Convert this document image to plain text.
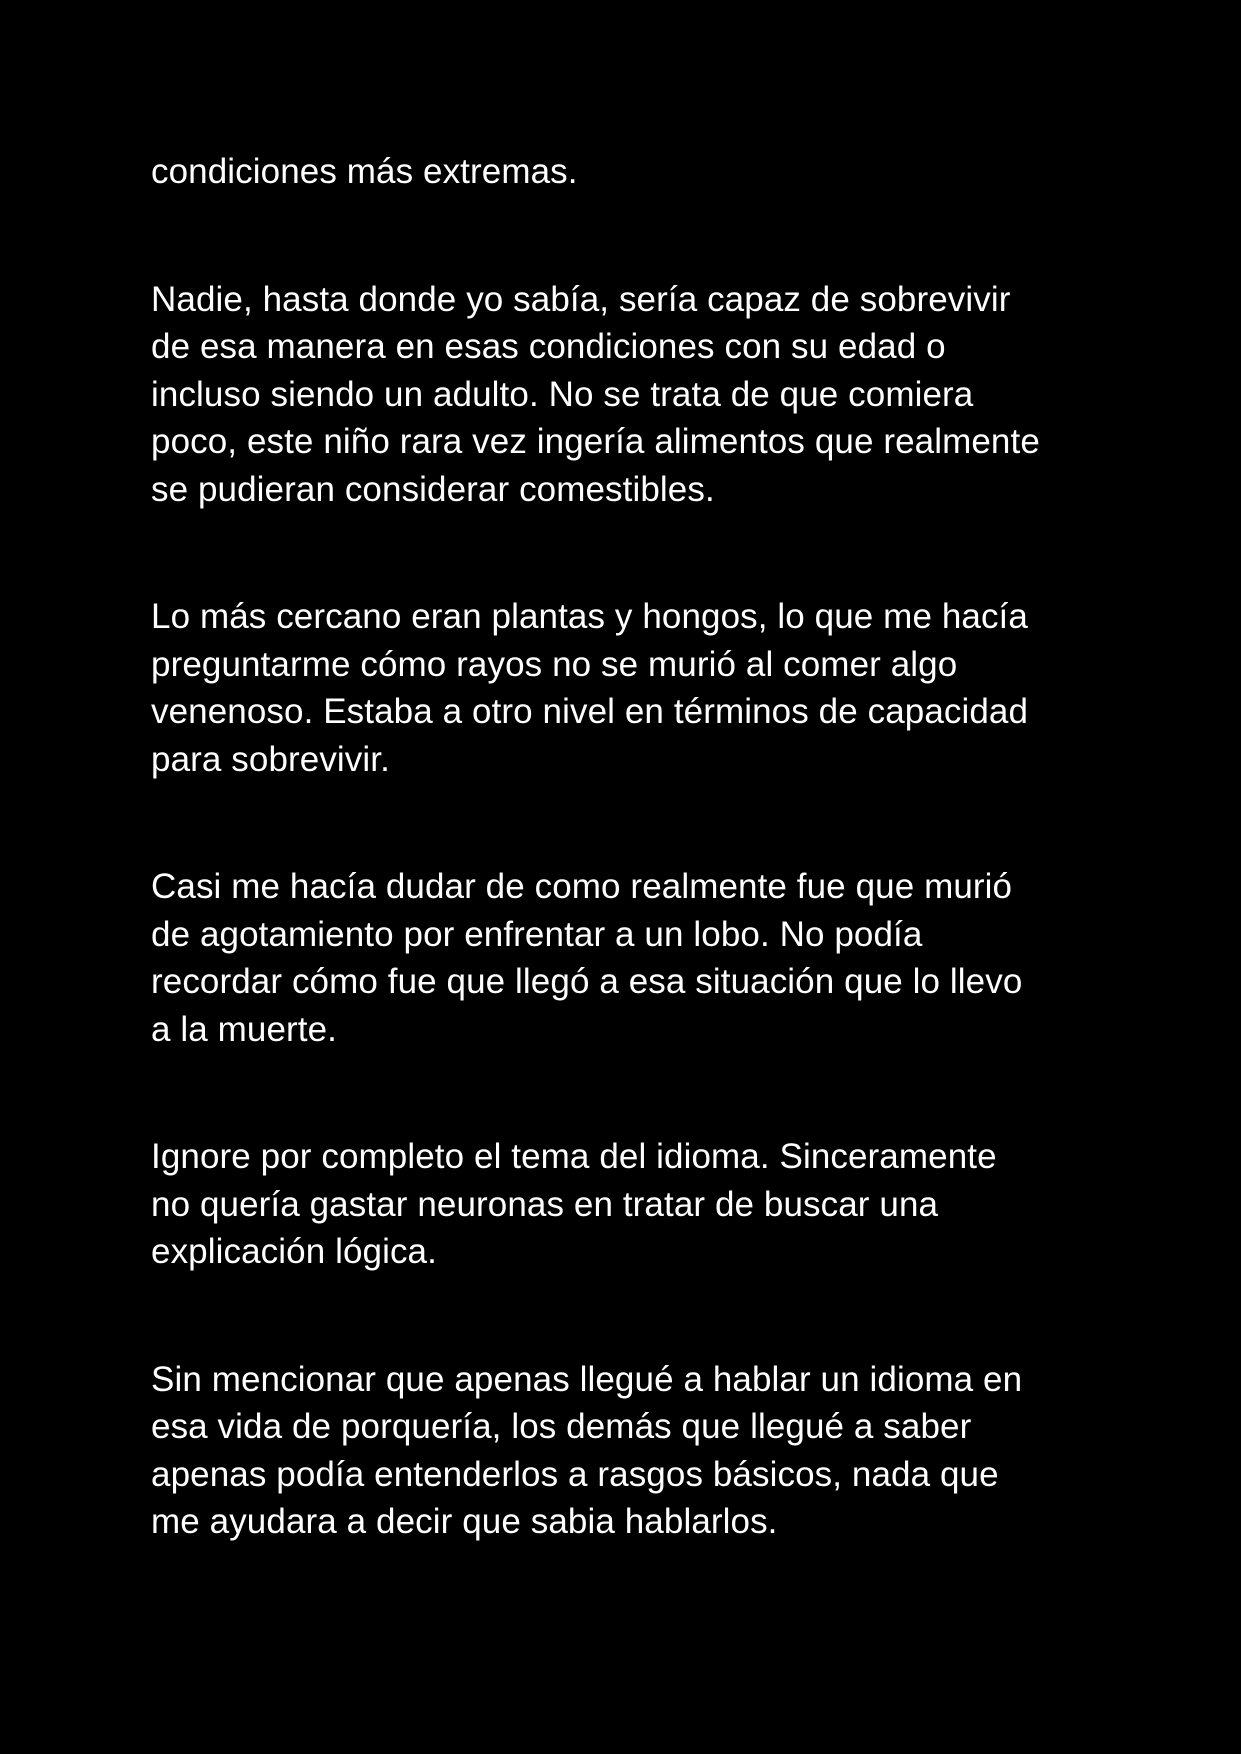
condiciones más extremas.

Nadie, hasta donde yo sabía, sería capaz de sobrevivir
de esa manera en esas condiciones con su edad o
incluso siendo un adulto. No se trata de que comiera
poco, este niño rara vez ingería alimentos que realmente
se pudieran considerar comestibles.

Lo más cercano eran plantas y hongos, lo que me hacía
preguntarme cómo rayos no se murió al comer algo
venenoso. Estaba a otro nivel en términos de capacidad
para sobrevivir.

Casi me hacía dudar de como realmente fue que murió
de agotamiento por enfrentar a un lobo. No podía
recordar cómo fue que llegó a esa situación que lo llevo
a la muerte.

Ignore por completo el tema del idioma. Sinceramente
no quería gastar neuronas en tratar de buscar una
explicación lógica.

Sin mencionar que apenas llegué a hablar un idioma en
esa vida de porquería, los demás que llegué a saber
apenas podía entenderlos a rasgos básicos, nada que
me ayudara a decir que sabia hablarlos.
